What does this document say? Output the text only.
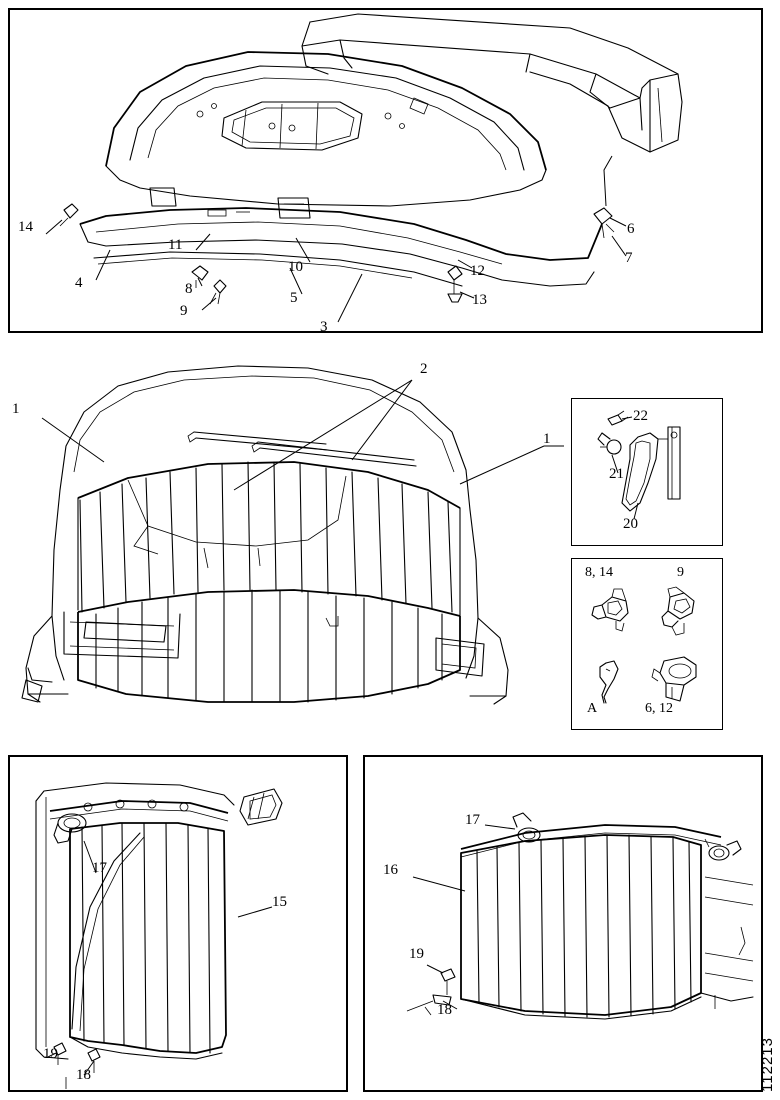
14
4	8
9
11
10
5
3
12
13
6
7
1
2
1
22
21
20
8, 14	9
A	6, 12
17
15
19
18
17
16
19
18
112213
